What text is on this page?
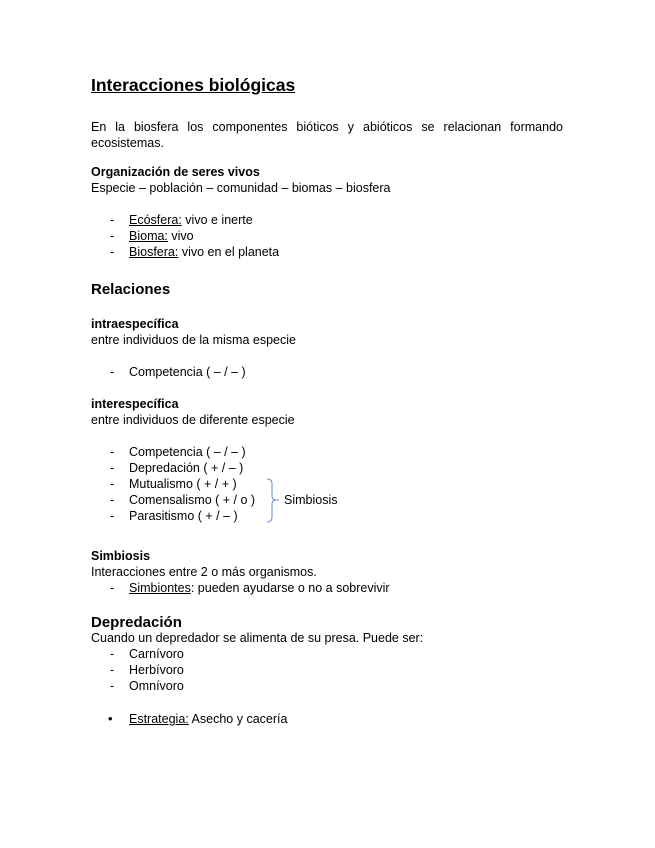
Interacciones biológicas
En la biosfera los componentes bióticos y abióticos se relacionan formando ecosistemas.
Organización de seres vivos
Especie – población – comunidad – biomas – biosfera
- Ecósfera: vivo e inerte
- Bioma: vivo
- Biosfera: vivo en el planeta
Relaciones
intraespecífica
entre individuos de la misma especie
- Competencia ( – / – )
interespecífica
entre individuos de diferente especie
- Competencia ( – / – )
- Depredación ( + / – )
- Mutualismo ( + / + )
- Comensalismo ( + / o )
- Parasitismo ( + / – )
Simbiosis
Simbiosis
Interacciones entre 2 o más organismos.
- Simbiontes: pueden ayudarse o no a sobrevivir
Depredación
Cuando un depredador se alimenta de su presa. Puede ser:
- Carnívoro
- Herbívoro
- Omnívoro
• Estrategia: Asecho y cacería
